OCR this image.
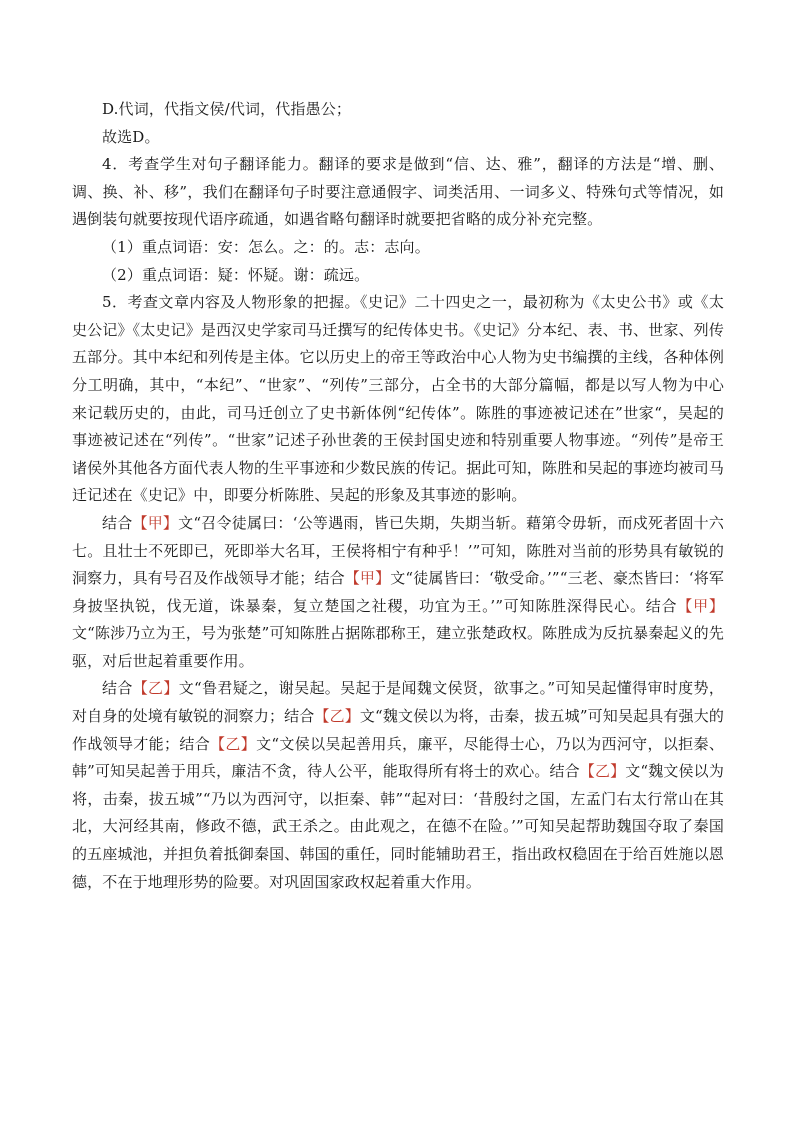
D.代词，代指文侯/代词，代指愚公；

故选D。

4．考查学生对句子翻译能力。翻译的要求是做到“信、达、雅”，翻译的方法是“增、删、调、换、补、移”，我们在翻译句子时要注意通假字、词类活用、一词多义、特殊句式等情况，如遇倒装句就要按现代语序疏通，如遇省略句翻译时就要把省略的成分补充完整。

（1）重点词语：安：怎么。之：的。志：志向。

（2）重点词语：疑：怀疑。谢：疏远。

5．考查文章内容及人物形象的把握。《史记》二十四史之一，最初称为《太史公书》或《太史公记》《太史记》是西汉史学家司马迁撰写的纪传体史书。《史记》分本纪、表、书、世家、列传五部分。其中本纪和列传是主体。它以历史上的帝王等政治中心人物为史书编撰的主线，各种体例分工明确，其中，“本纪”、“世家”、“列传”三部分，占全书的大部分篇幅，都是以写人物为中心来记载历史的，由此，司马迁创立了史书新体例“纪传体”。陈胜的事迹被记述在”世家“，吴起的事迹被记述在“列传”。“世家”记述子孙世袭的王侯封国史迹和特别重要人物事迹。“列传”是帝王诸侯外其他各方面代表人物的生平事迹和少数民族的传记。据此可知，陈胜和吴起的事迹均被司马迁记述在《史记》中，即要分析陈胜、吴起的形象及其事迹的影响。

结合【甲】文“召令徒属曰：‘公等遇雨，皆已失期，失期当斩。藉第令毋斩，而戍死者固十六七。且壮士不死即已，死即举大名耳，王侯将相宁有种乎！’”可知，陈胜对当前的形势具有敏锐的洞察力，具有号召及作战领导才能；结合【甲】文“徒属皆曰：‘敬受命。’”“三老、豪杰皆曰：‘将军身披坚执锐，伐无道，诛暴秦，复立楚国之社稷，功宜为王。’”可知陈胜深得民心。结合【甲】文“陈涉乃立为王，号为张楚”可知陈胜占据陈郡称王，建立张楚政权。陈胜成为反抗暴秦起义的先驱，对后世起着重要作用。

结合【乙】文“鲁君疑之，谢吴起。吴起于是闻魏文侯贤，欲事之。”可知吴起懂得审时度势，对自身的处境有敏锐的洞察力；结合【乙】文“魏文侯以为将，击秦，拔五城”可知吴起具有强大的作战领导才能；结合【乙】文“文侯以吴起善用兵，廉平，尽能得士心，乃以为西河守，以拒秦、韩”可知吴起善于用兵，廉洁不贪，待人公平，能取得所有将士的欢心。结合【乙】文“魏文侯以为将，击秦，拔五城”“乃以为西河守，以拒秦、韩”“起对曰：‘昔殷纣之国，左孟门右太行常山在其北，大河经其南，修政不德，武王杀之。由此观之，在德不在险。’”可知吴起帮助魏国夺取了秦国的五座城池，并担负着抵御秦国、韩国的重任，同时能辅助君王，指出政权稳固在于给百姓施以恩德，不在于地理形势的险要。对巩固国家政权起着重大作用。
